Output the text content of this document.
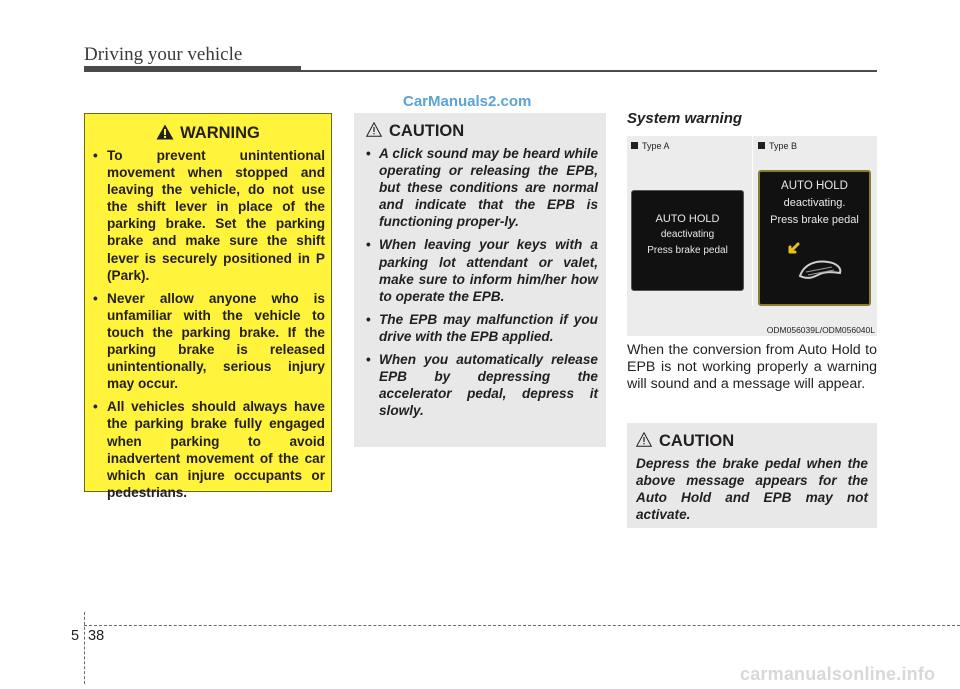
Driving your vehicle
CarManuals2.com
WARNING
• To prevent unintentional movement when stopped and leaving the vehicle, do not use the shift lever in place of the parking brake. Set the parking brake and make sure the shift lever is securely positioned in P (Park).
• Never allow anyone who is unfamiliar with the vehicle to touch the parking brake. If the parking brake is released unintentionally, serious injury may occur.
• All vehicles should always have the parking brake fully engaged when parking to avoid inadvertent movement of the car which can injure occupants or pedestrians.
CAUTION
• A click sound may be heard while operating or releasing the EPB, but these conditions are normal and indicate that the EPB is functioning proper-ly.
• When leaving your keys with a parking lot attendant or valet, make sure to inform him/her how to operate the EPB.
• The EPB may malfunction if you drive with the EPB applied.
• When you automatically release EPB by depressing the accelerator pedal, depress it slowly.
System warning
Type A	Type B
AUTO HOLD
deactivating
Press brake pedal
AUTO HOLD
deactivating.
Press brake pedal
ODM056039L/ODM056040L

When the conversion from Auto Hold to EPB is not working properly a warning will sound and a message will appear.

CAUTION

Depress the brake pedal when the above message appears for the Auto Hold and EPB may not activate.

5 38
carmanualsonline.info
